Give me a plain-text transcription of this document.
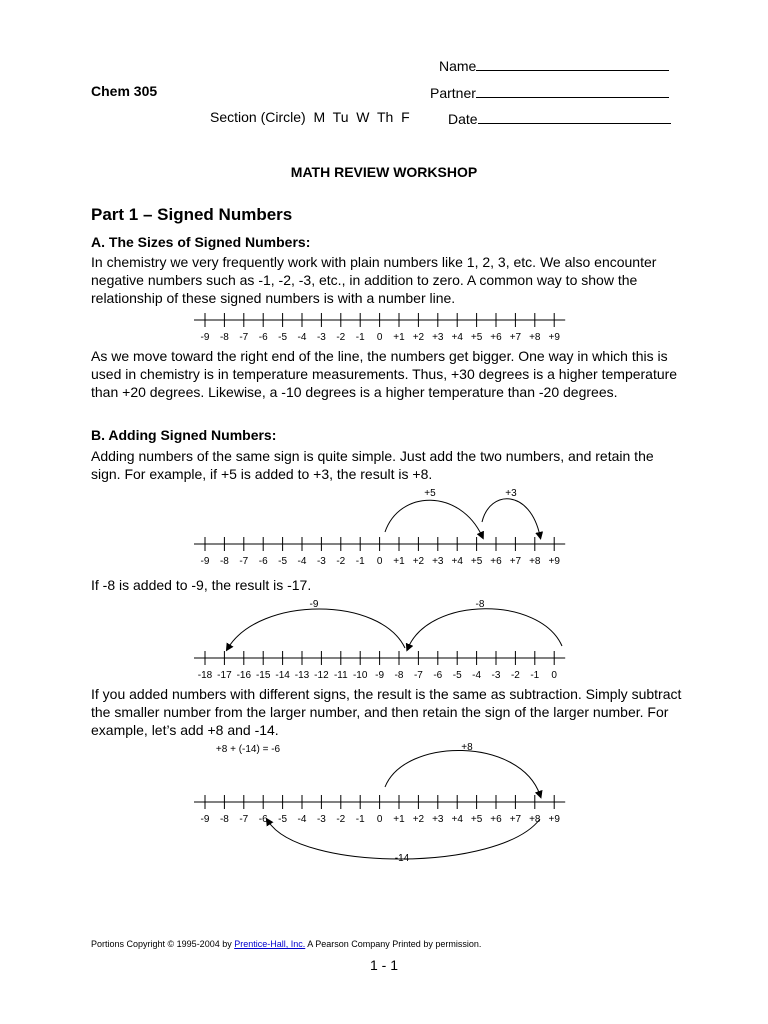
Name
Chem 305	Partner
Section (Circle)  M  Tu  W  Th  F	Date
MATH REVIEW WORKSHOP
Part 1 – Signed Numbers
A. The Sizes of Signed Numbers:
In chemistry we very frequently work with plain numbers like 1, 2, 3, etc. We also encounter negative numbers such as -1, -2, -3, etc., in addition to zero. A common way to show the relationship of these signed numbers is with a number line.
-9 -8 -7 -6 -5 -4 -3 -2 -1 0 +1 +2 +3 +4 +5 +6 +7 +8 +9
As we move toward the right end of the line, the numbers get bigger. One way in which this is used in chemistry is in temperature measurements. Thus, +30 degrees is a higher temperature than +20 degrees. Likewise, a -10 degrees is a higher temperature than -20 degrees.
B. Adding Signed Numbers:
Adding numbers of the same sign is quite simple. Just add the two numbers, and retain the sign. For example, if +5 is added to +3, the result is +8.
+5	+3
-9 -8 -7 -6 -5 -4 -3 -2 -1 0 +1 +2 +3 +4 +5 +6 +7 +8 +9
If -8 is added to -9, the result is -17.
-9	-8
-18 -17 -16 -15 -14 -13 -12 -11 -10 -9 -8 -7 -6 -5 -4 -3 -2 -1 0
If you added numbers with different signs, the result is the same as subtraction. Simply subtract the smaller number from the larger number, and then retain the sign of the larger number. For example, let’s add +8 and -14.
+8 + (-14) = -6	+8
-14
-9 -8 -7 -6 -5 -4 -3 -2 -1 0 +1 +2 +3 +4 +5 +6 +7 +8 +9
Portions Copyright © 1995-2004 by Prentice-Hall, Inc. A Pearson Company Printed by permission.
1 - 1
